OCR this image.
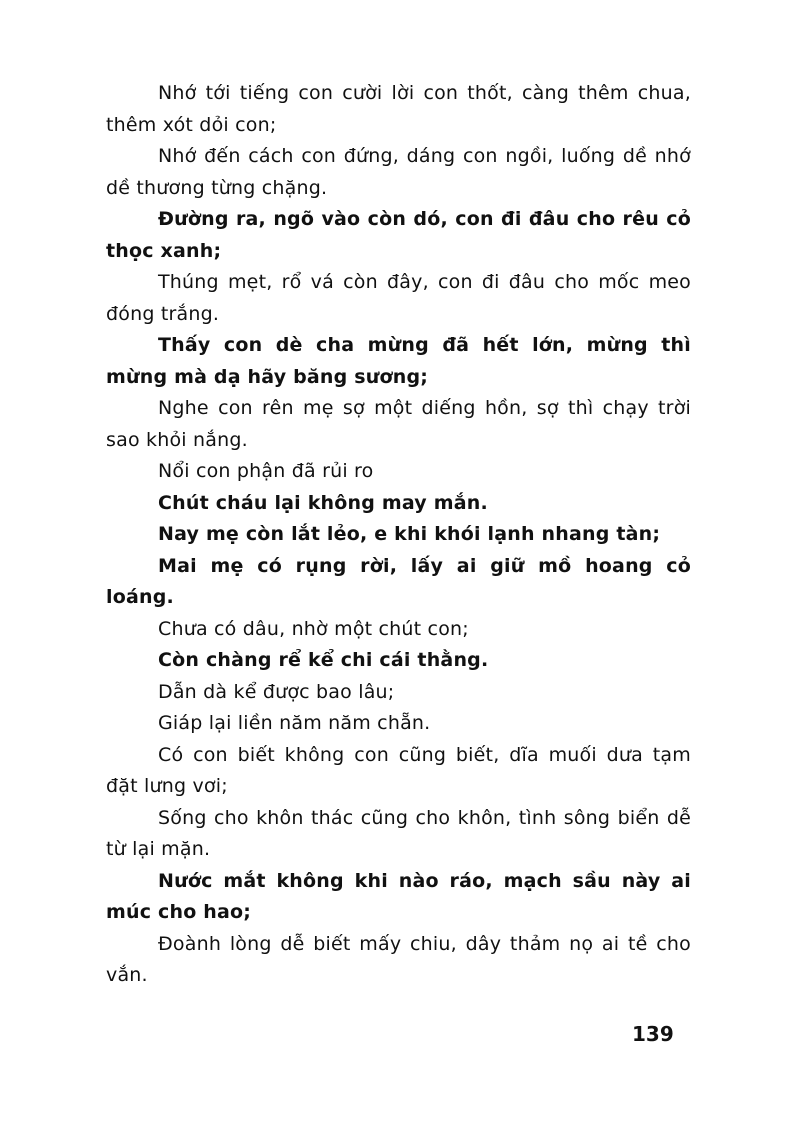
Nhớ tới tiếng con cười lời con thốt, càng thêm chua, thêm xót dỏi con;

Nhớ đến cách con đứng, dáng con ngồi, luống dề nhớ dề thương từng chặng.

Đường ra, ngõ vào còn dó, con đi đâu cho rêu cỏ thọc xanh;

Thúng mẹt, rổ vá còn đây, con đi đâu cho mốc meo đóng trắng.

Thấy con dè cha mừng đã hết lớn, mừng thì mừng mà dạ hãy băng sương;

Nghe con rên mẹ sợ một diếng hồn, sợ thì chạy trời sao khỏi nắng.

Nổi con phận đã rủi ro

Chút cháu lại không may mắn.

Nay mẹ còn lắt lẻo, e khi khói lạnh nhang tàn;

Mai mẹ có rụng rời, lấy ai giữ mồ hoang cỏ loáng.

Chưa có dâu, nhờ một chút con;

Còn chàng rể kể chi cái thằng.

Dẫn dà kể được bao lâu;

Giáp lại liền năm năm chẵn.

Có con biết không con cũng biết, dĩa muối dưa tạm đặt lưng vơi;

Sống cho khôn thác cũng cho khôn, tình sông biển dễ từ lại mặn.

Nước mắt không khi nào ráo, mạch sầu này ai múc cho hao;

Đoành lòng dễ biết mấy chiu, dây thảm nọ ai tề cho vắn.

139
